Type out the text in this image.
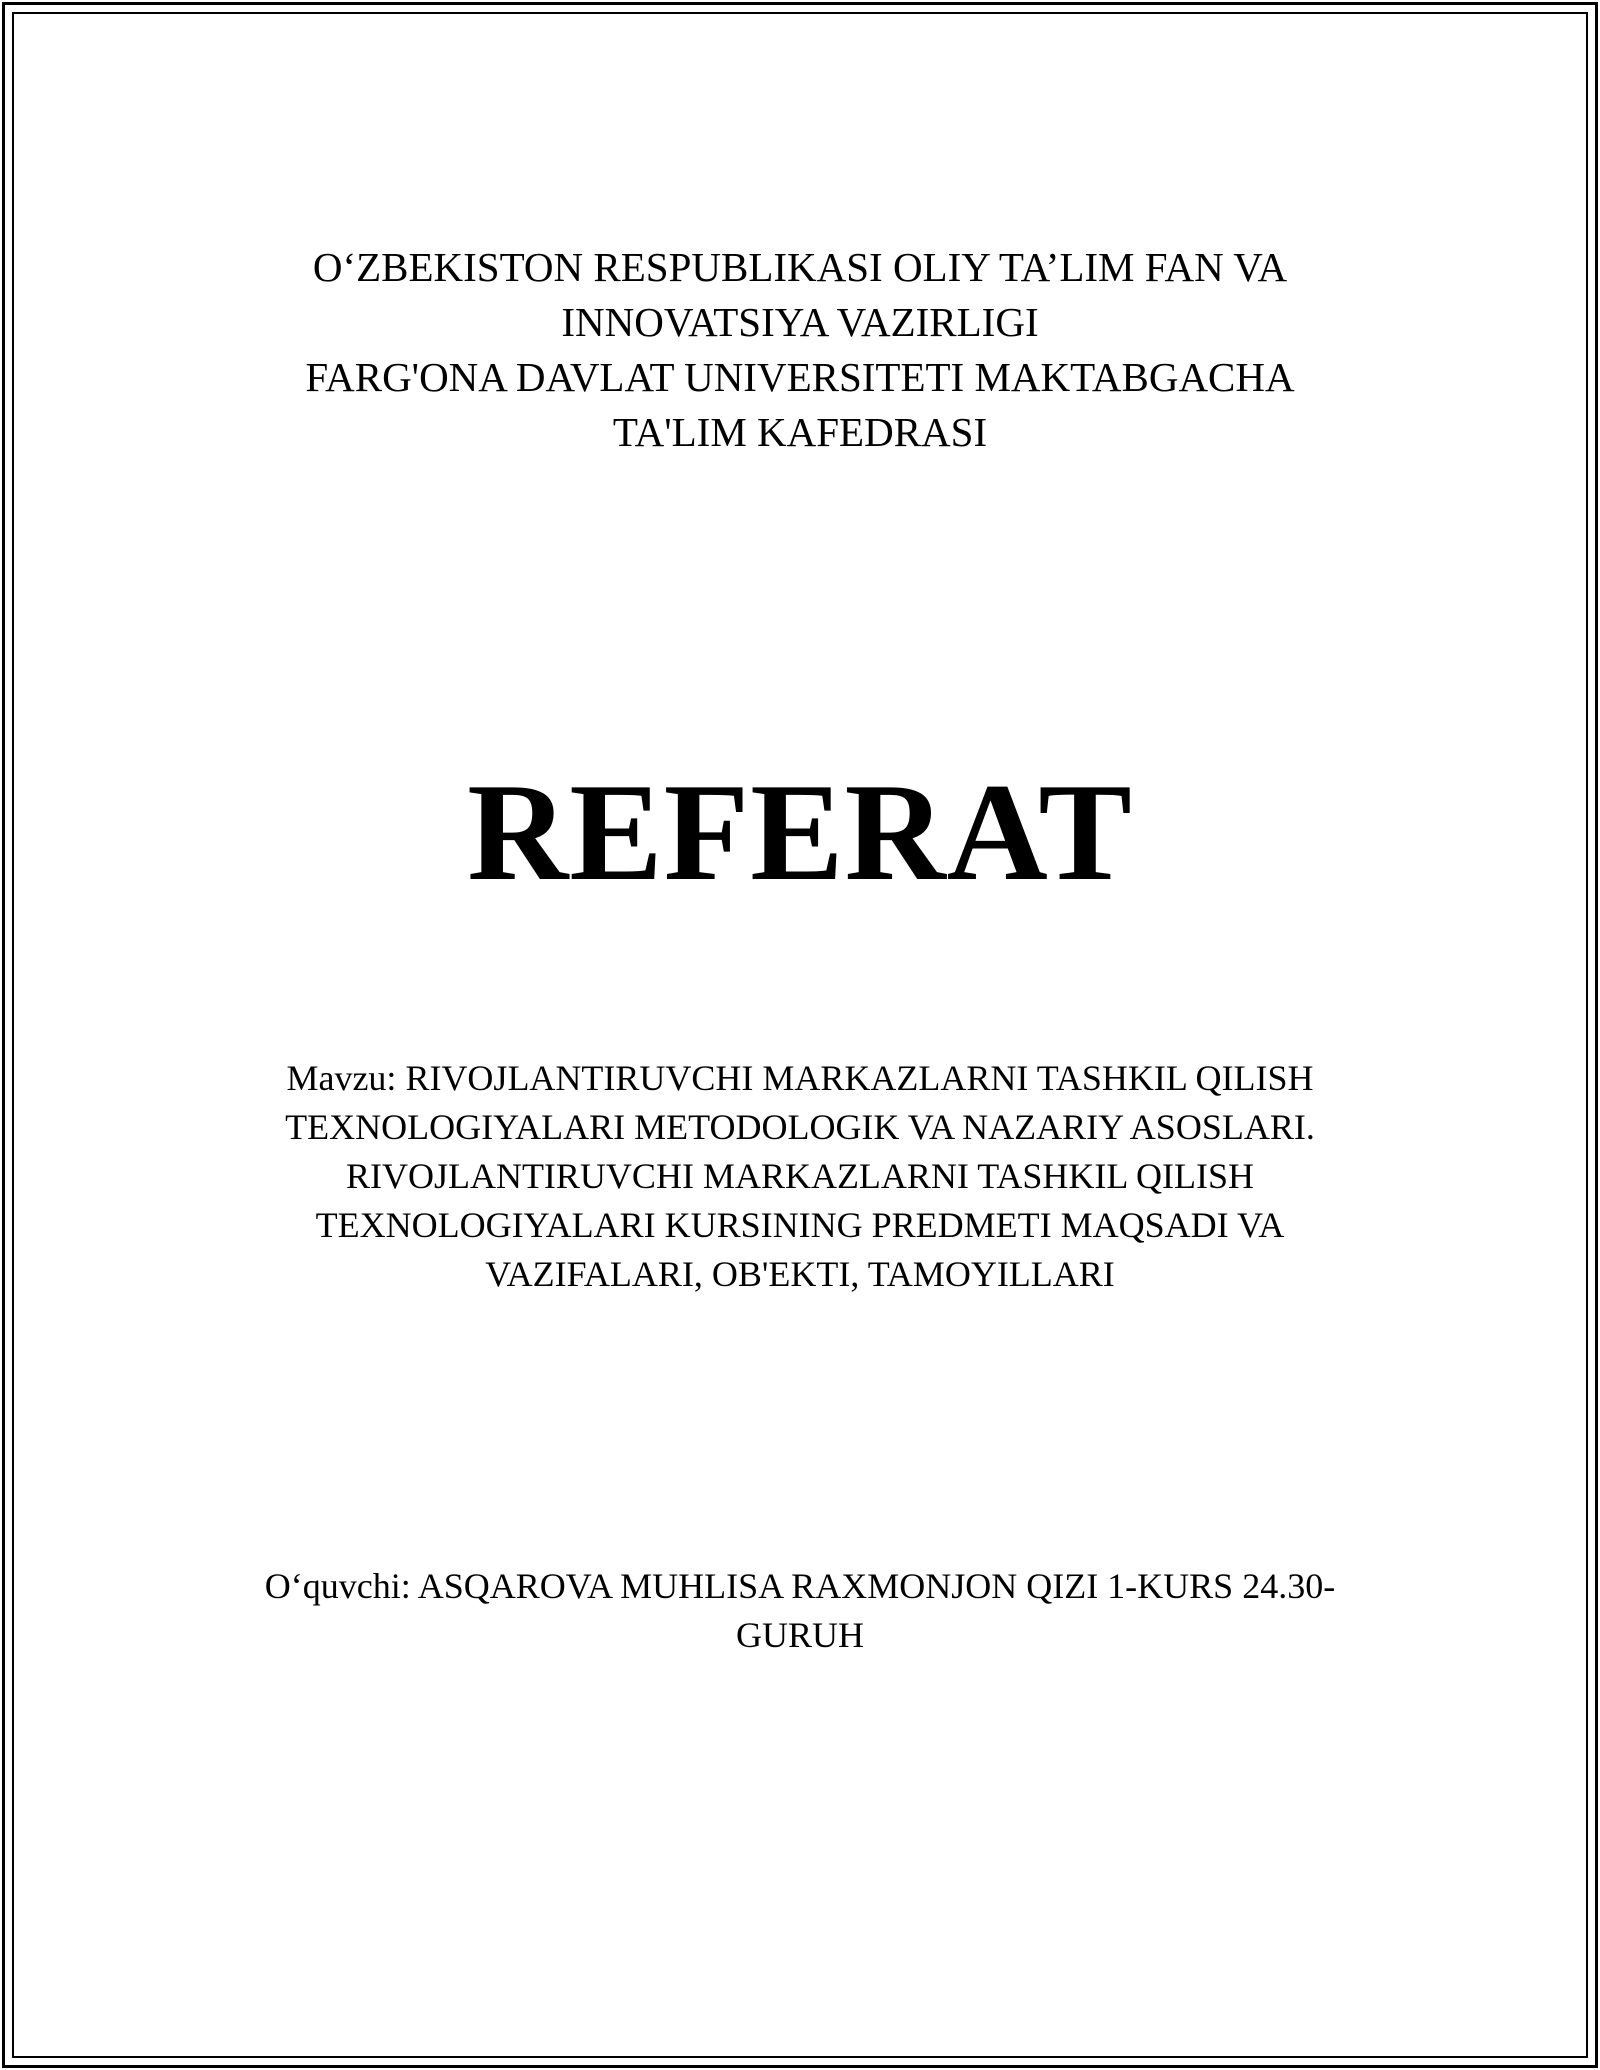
O‘ZBEKISTON RESPUBLIKASI OLIY TA’LIM FAN VA
INNOVATSIYA VAZIRLIGI
FARG'ONA DAVLAT UNIVERSITETI MAKTABGACHA
TA'LIM KAFEDRASI
REFERAT
Mavzu: RIVOJLANTIRUVCHI MARKAZLARNI TASHKIL QILISH
TEXNOLOGIYALARI METODOLOGIK VA NAZARIY ASOSLARI.
RIVOJLANTIRUVCHI MARKAZLARNI TASHKIL QILISH
TEXNOLOGIYALARI KURSINING PREDMETI MAQSADI VA
VAZIFALARI, OB'EKTI, TAMOYILLARI
O‘quvchi: ASQAROVA MUHLISA RAXMONJON QIZI 1-KURS 24.30-
GURUH
